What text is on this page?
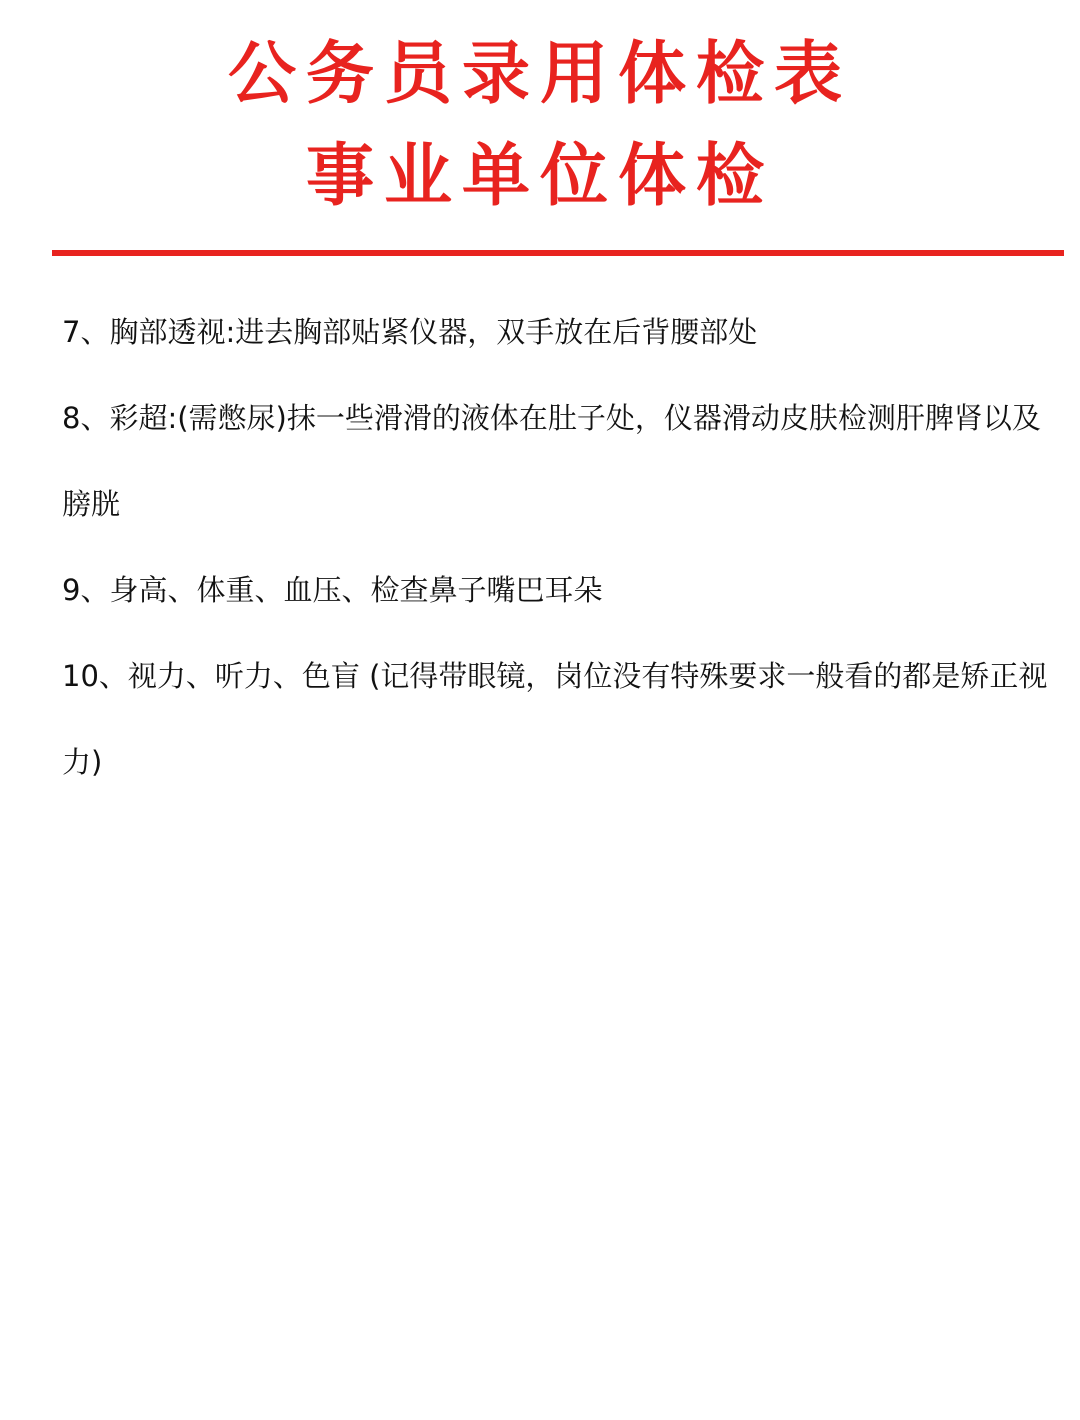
公务员录用体检表
事业单位体检
7、胸部透视:进去胸部贴紧仪器，双手放在后背腰部处
8、彩超:(需憋尿)抹一些滑滑的液体在肚子处，仪器滑动皮肤检测肝脾肾以及膀胱
9、身高、体重、血压、检查鼻子嘴巴耳朵
10、视力、听力、色盲 (记得带眼镜，岗位没有特殊要求一般看的都是矫正视力)
